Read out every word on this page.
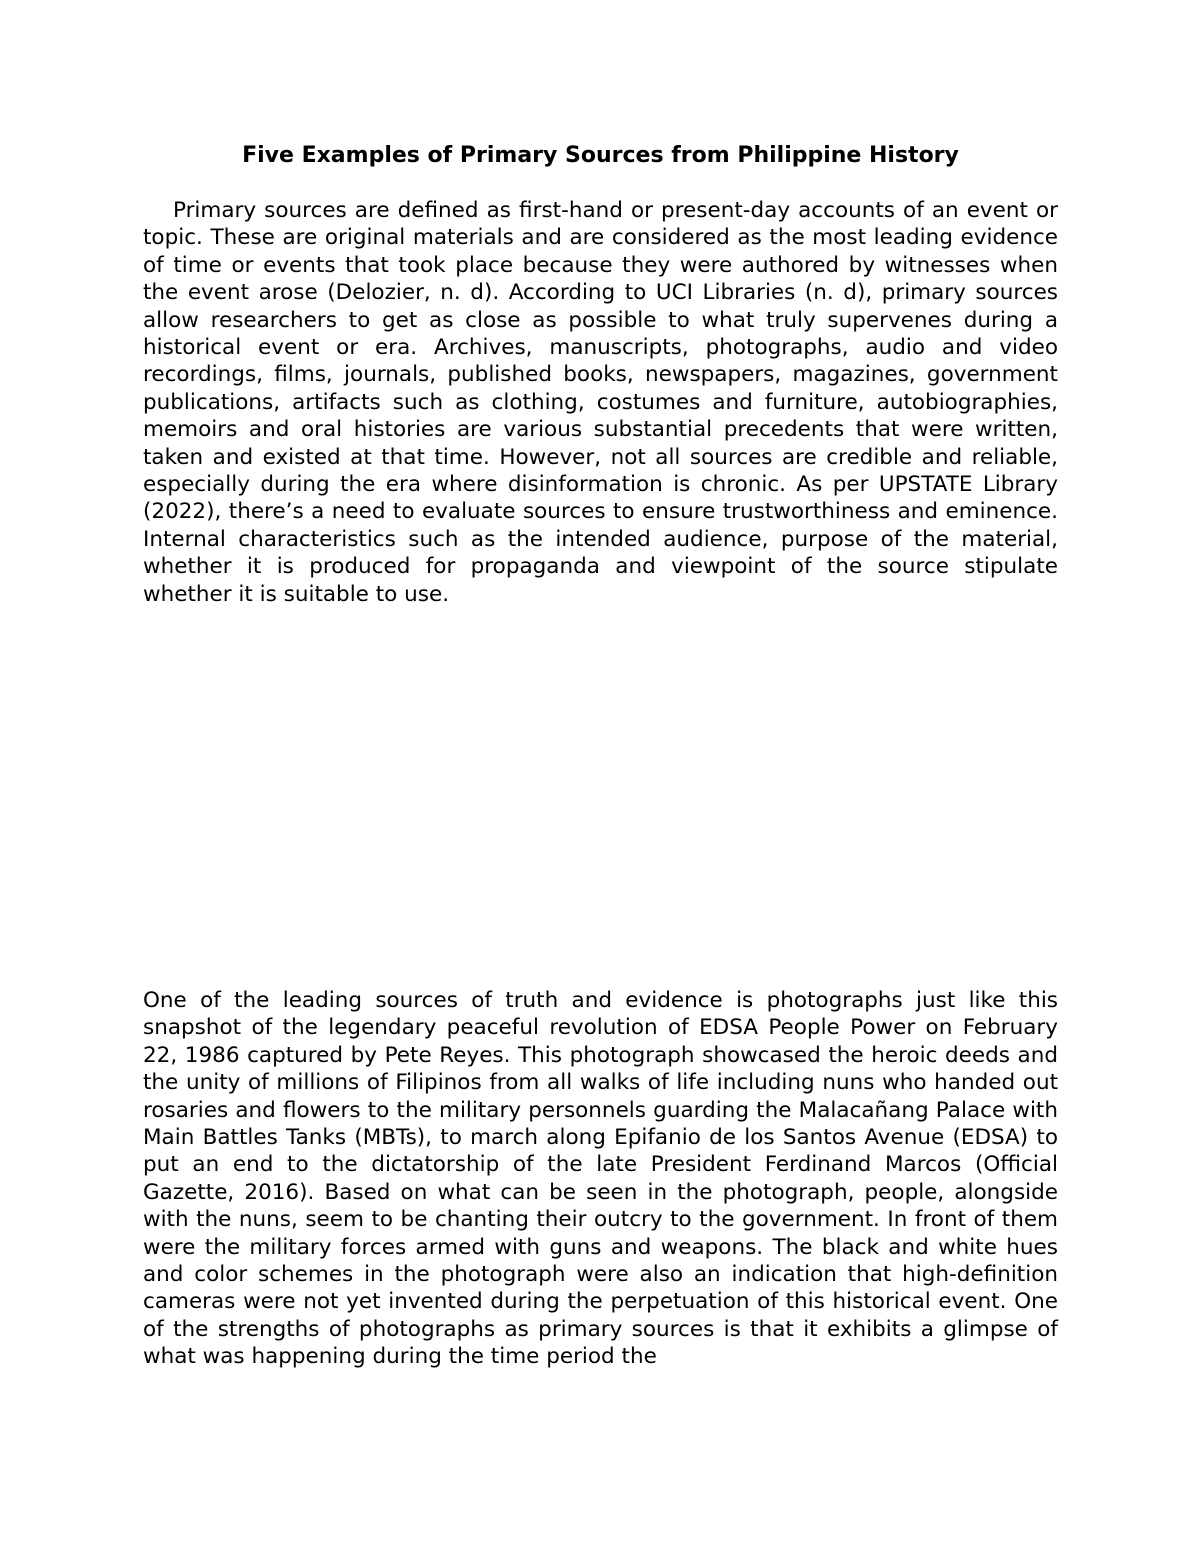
Five Examples of Primary Sources from Philippine History

Primary sources are defined as first-hand or present-day accounts of an event or topic. These are original materials and are considered as the most leading evidence of time or events that took place because they were authored by witnesses when the event arose (Delozier, n. d). According to UCI Libraries (n. d), primary sources allow researchers to get as close as possible to what truly supervenes during a historical event or era. Archives, manuscripts, photographs, audio and video recordings, films, journals, published books, newspapers, magazines, government publications, artifacts such as clothing, costumes and furniture, autobiographies, memoirs and oral histories are various substantial precedents that were written, taken and existed at that time. However, not all sources are credible and reliable, especially during the era where disinformation is chronic. As per UPSTATE Library (2022), there’s a need to evaluate sources to ensure trustworthiness and eminence. Internal characteristics such as the intended audience, purpose of the material, whether it is produced for propaganda and viewpoint of the source stipulate whether it is suitable to use.

One of the leading sources of truth and evidence is photographs just like this snapshot of the legendary peaceful revolution of EDSA People Power on February 22, 1986 captured by Pete Reyes. This photograph showcased the heroic deeds and the unity of millions of Filipinos from all walks of life including nuns who handed out rosaries and flowers to the military personnels guarding the Malacañang Palace with Main Battles Tanks (MBTs), to march along Epifanio de los Santos Avenue (EDSA) to put an end to the dictatorship of the late President Ferdinand Marcos (Official Gazette, 2016). Based on what can be seen in the photograph, people, alongside with the nuns, seem to be chanting their outcry to the government. In front of them were the military forces armed with guns and weapons. The black and white hues and color schemes in the photograph were also an indication that high-definition cameras were not yet invented during the perpetuation of this historical event. One of the strengths of photographs as primary sources is that it exhibits a glimpse of what was happening during the time period the
